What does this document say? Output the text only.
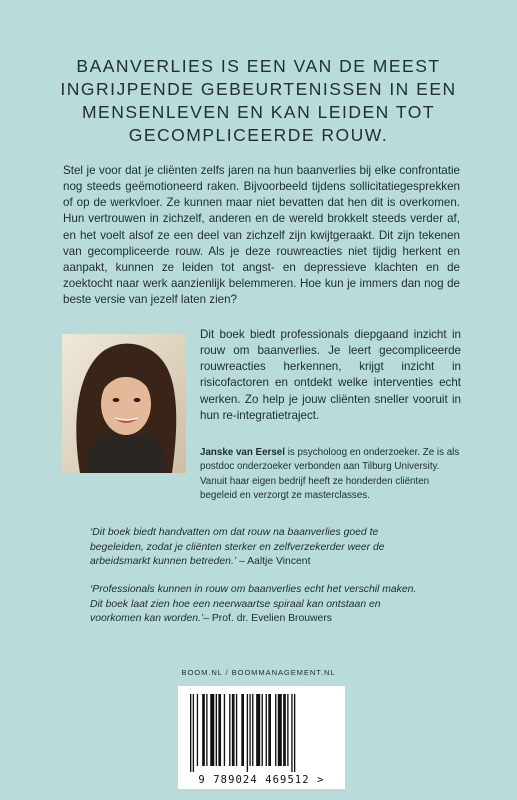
BAANVERLIES IS EEN VAN DE MEEST
INGRIJPENDE GEBEURTENISSEN IN EEN
MENSENLEVEN EN KAN LEIDEN TOT
GECOMPLICEERDE ROUW.

Stel je voor dat je cliënten zelfs jaren na hun baanverlies bij elke confrontatie nog steeds geëmotioneerd raken. Bijvoorbeeld tijdens sollicitatiegesprekken of op de werkvloer. Ze kunnen maar niet bevatten dat hen dit is overkomen. Hun vertrouwen in zichzelf, anderen en de wereld brokkelt steeds verder af, en het voelt alsof ze een deel van zichzelf zijn kwijtgeraakt. Dit zijn tekenen van gecompliceerde rouw. Als je deze rouwreacties niet tijdig herkent en aanpakt, kunnen ze leiden tot angst- en depressieve klachten en de zoektocht naar werk aanzienlijk belemmeren. Hoe kun je immers dan nog de beste versie van jezelf laten zien?

Dit boek biedt professionals diepgaand inzicht in rouw om baanverlies. Je leert gecompliceerde rouwreacties herkennen, krijgt inzicht in risicofactoren en ontdekt welke interventies echt werken. Zo help je jouw cliënten sneller vooruit in hun re-integratietraject.

Janske van Eersel is psycholoog en onderzoeker. Ze is als postdoc onderzoeker verbonden aan Tilburg University. Vanuit haar eigen bedrijf heeft ze honderden cliënten begeleid en verzorgt ze masterclasses.

‘Dit boek biedt handvatten om dat rouw na baanverlies goed te begeleiden, zodat je cliënten sterker en zelfverzekerder weer de arbeidsmarkt kunnen betreden.’ – Aaltje Vincent

‘Professionals kunnen in rouw om baanverlies echt het verschil maken. Dit boek laat zien hoe een neerwaartse spiraal kan ontstaan en voorkomen kan worden.’– Prof. dr. Evelien Brouwers

BOOM.NL / BOOMMANAGEMENT.NL
9 789024 469512 >
